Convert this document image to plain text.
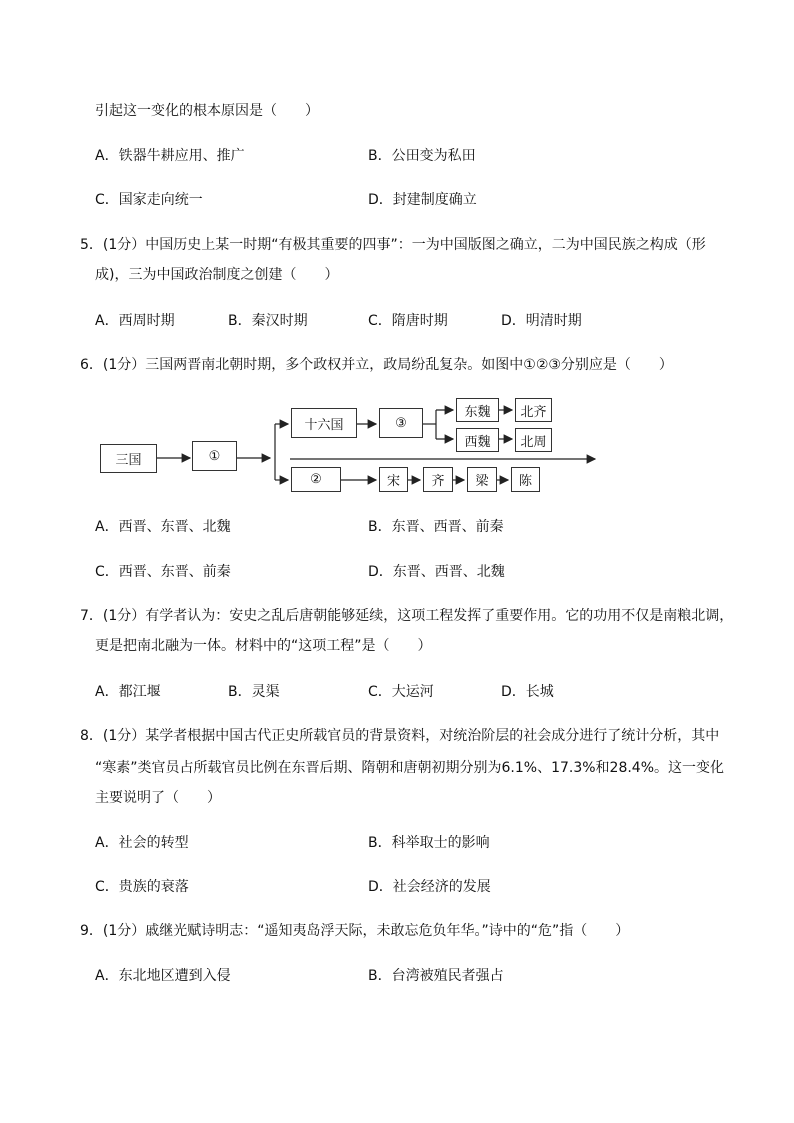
引起这一变化的根本原因是（　　）
A．铁器牛耕应用、推广	B．公田变为私田
C．国家走向统一	D．封建制度确立
5．(1分）中国历史上某一时期“有极其重要的四事”：一为中国版图之确立，二为中国民族之构成（形
成)，三为中国政治制度之创建（　　）
A．西周时期	B．秦汉时期	C．隋唐时期	D．明清时期
6．(1分）三国两晋南北朝时期，多个政权并立，政局纷乱复杂。如图中①②③分别应是（　　）
三国	①
十六国	③
东魏	北齐
西魏	北周
②	宋	齐	梁	陈
A．西晋、东晋、北魏	B．东晋、西晋、前秦
C．西晋、东晋、前秦	D．东晋、西晋、北魏
7．(1分）有学者认为：安史之乱后唐朝能够延续，这项工程发挥了重要作用。它的功用不仅是南粮北调，
更是把南北融为一体。材料中的“这项工程”是（　　）
A．都江堰	B．灵渠	C．大运河	D．长城
8．(1分）某学者根据中国古代正史所载官员的背景资料，对统治阶层的社会成分进行了统计分析，其中
“寒素”类官员占所载官员比例在东晋后期、隋朝和唐朝初期分别为6.1%、17.3%和28.4%。这一变化
主要说明了（　　）
A．社会的转型	B．科举取士的影响
C．贵族的衰落	D．社会经济的发展
9．(1分）戚继光赋诗明志：“遥知夷岛浮天际，未敢忘危负年华。”诗中的“危”指（　　）
A．东北地区遭到入侵	B．台湾被殖民者强占
